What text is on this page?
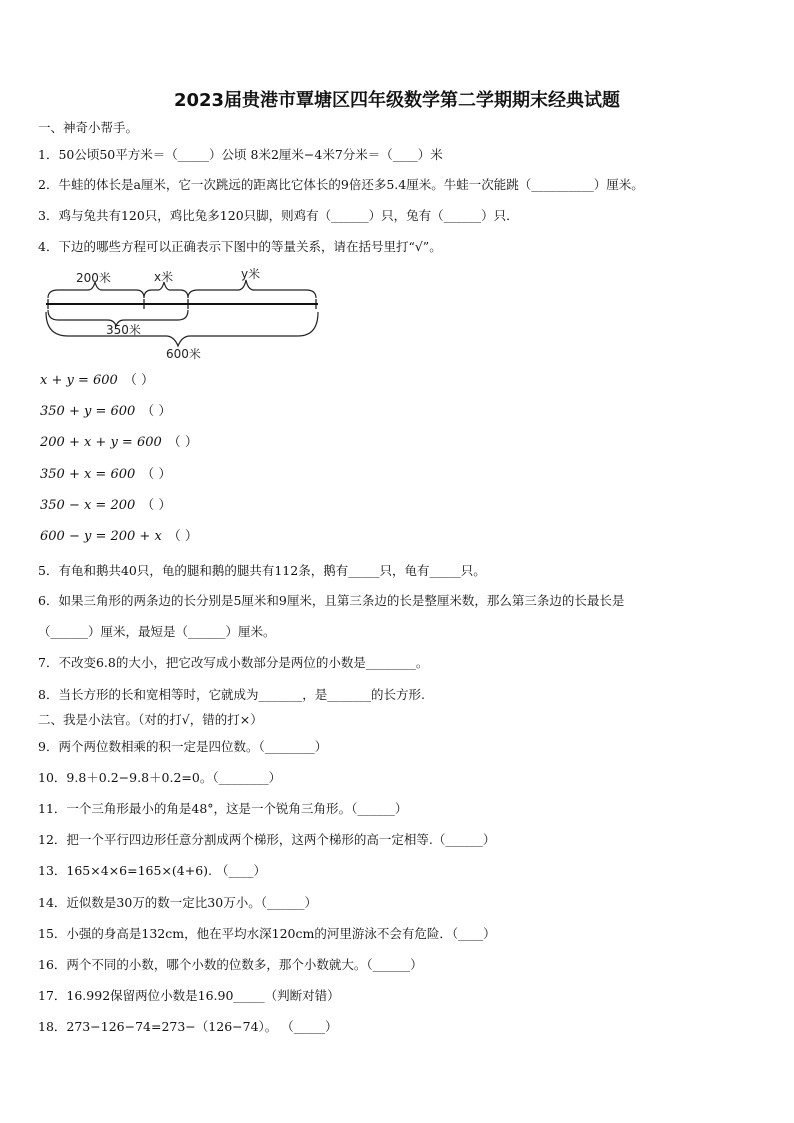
2023届贵港市覃塘区四年级数学第二学期期末经典试题
一、神奇小帮手。
1．50公顷50平方米＝（_____）公顷 8米2厘米−4米7分米＝（____）米
2．牛蛙的体长是a厘米，它一次跳远的距离比它体长的9倍还多5.4厘米。牛蛙一次能跳（__________）厘米。
3．鸡与兔共有120只，鸡比兔多120只脚，则鸡有（______）只，兔有（______）只．
4．下边的哪些方程可以正确表示下图中的等量关系，请在括号里打“√”。
200米	x米	y米
350米
600米
x + y = 600 （ ）
350 + y = 600 （ ）
200 + x + y = 600 （ ）
350 + x = 600 （ ）
350 − x = 200 （ ）
600 − y = 200 + x （ ）
5．有龟和鹅共40只，龟的腿和鹅的腿共有112条，鹅有_____只，龟有_____只。
6．如果三角形的两条边的长分别是5厘米和9厘米，且第三条边的长是整厘米数，那么第三条边的长最长是
（______）厘米，最短是（______）厘米。
7．不改变6.8的大小，把它改写成小数部分是两位的小数是________。
8．当长方形的长和宽相等时，它就成为_______，是_______的长方形.
二、我是小法官。（对的打√，错的打×）
9．两个两位数相乘的积一定是四位数。（________）
10．9.8＋0.2−9.8＋0.2=0。（________）
11．一个三角形最小的角是48°，这是一个锐角三角形。（______）
12．把一个平行四边形任意分割成两个梯形，这两个梯形的高一定相等.（______）
13．165×4×6=165×(4+6). （____）
14．近似数是30万的数一定比30万小。（______）
15．小强的身高是132cm，他在平均水深120cm的河里游泳不会有危险．（____）
16．两个不同的小数，哪个小数的位数多，那个小数就大。（______）
17．16.992保留两位小数是16.90_____（判断对错）
18．273−126−74=273−（126−74）。 （_____）
